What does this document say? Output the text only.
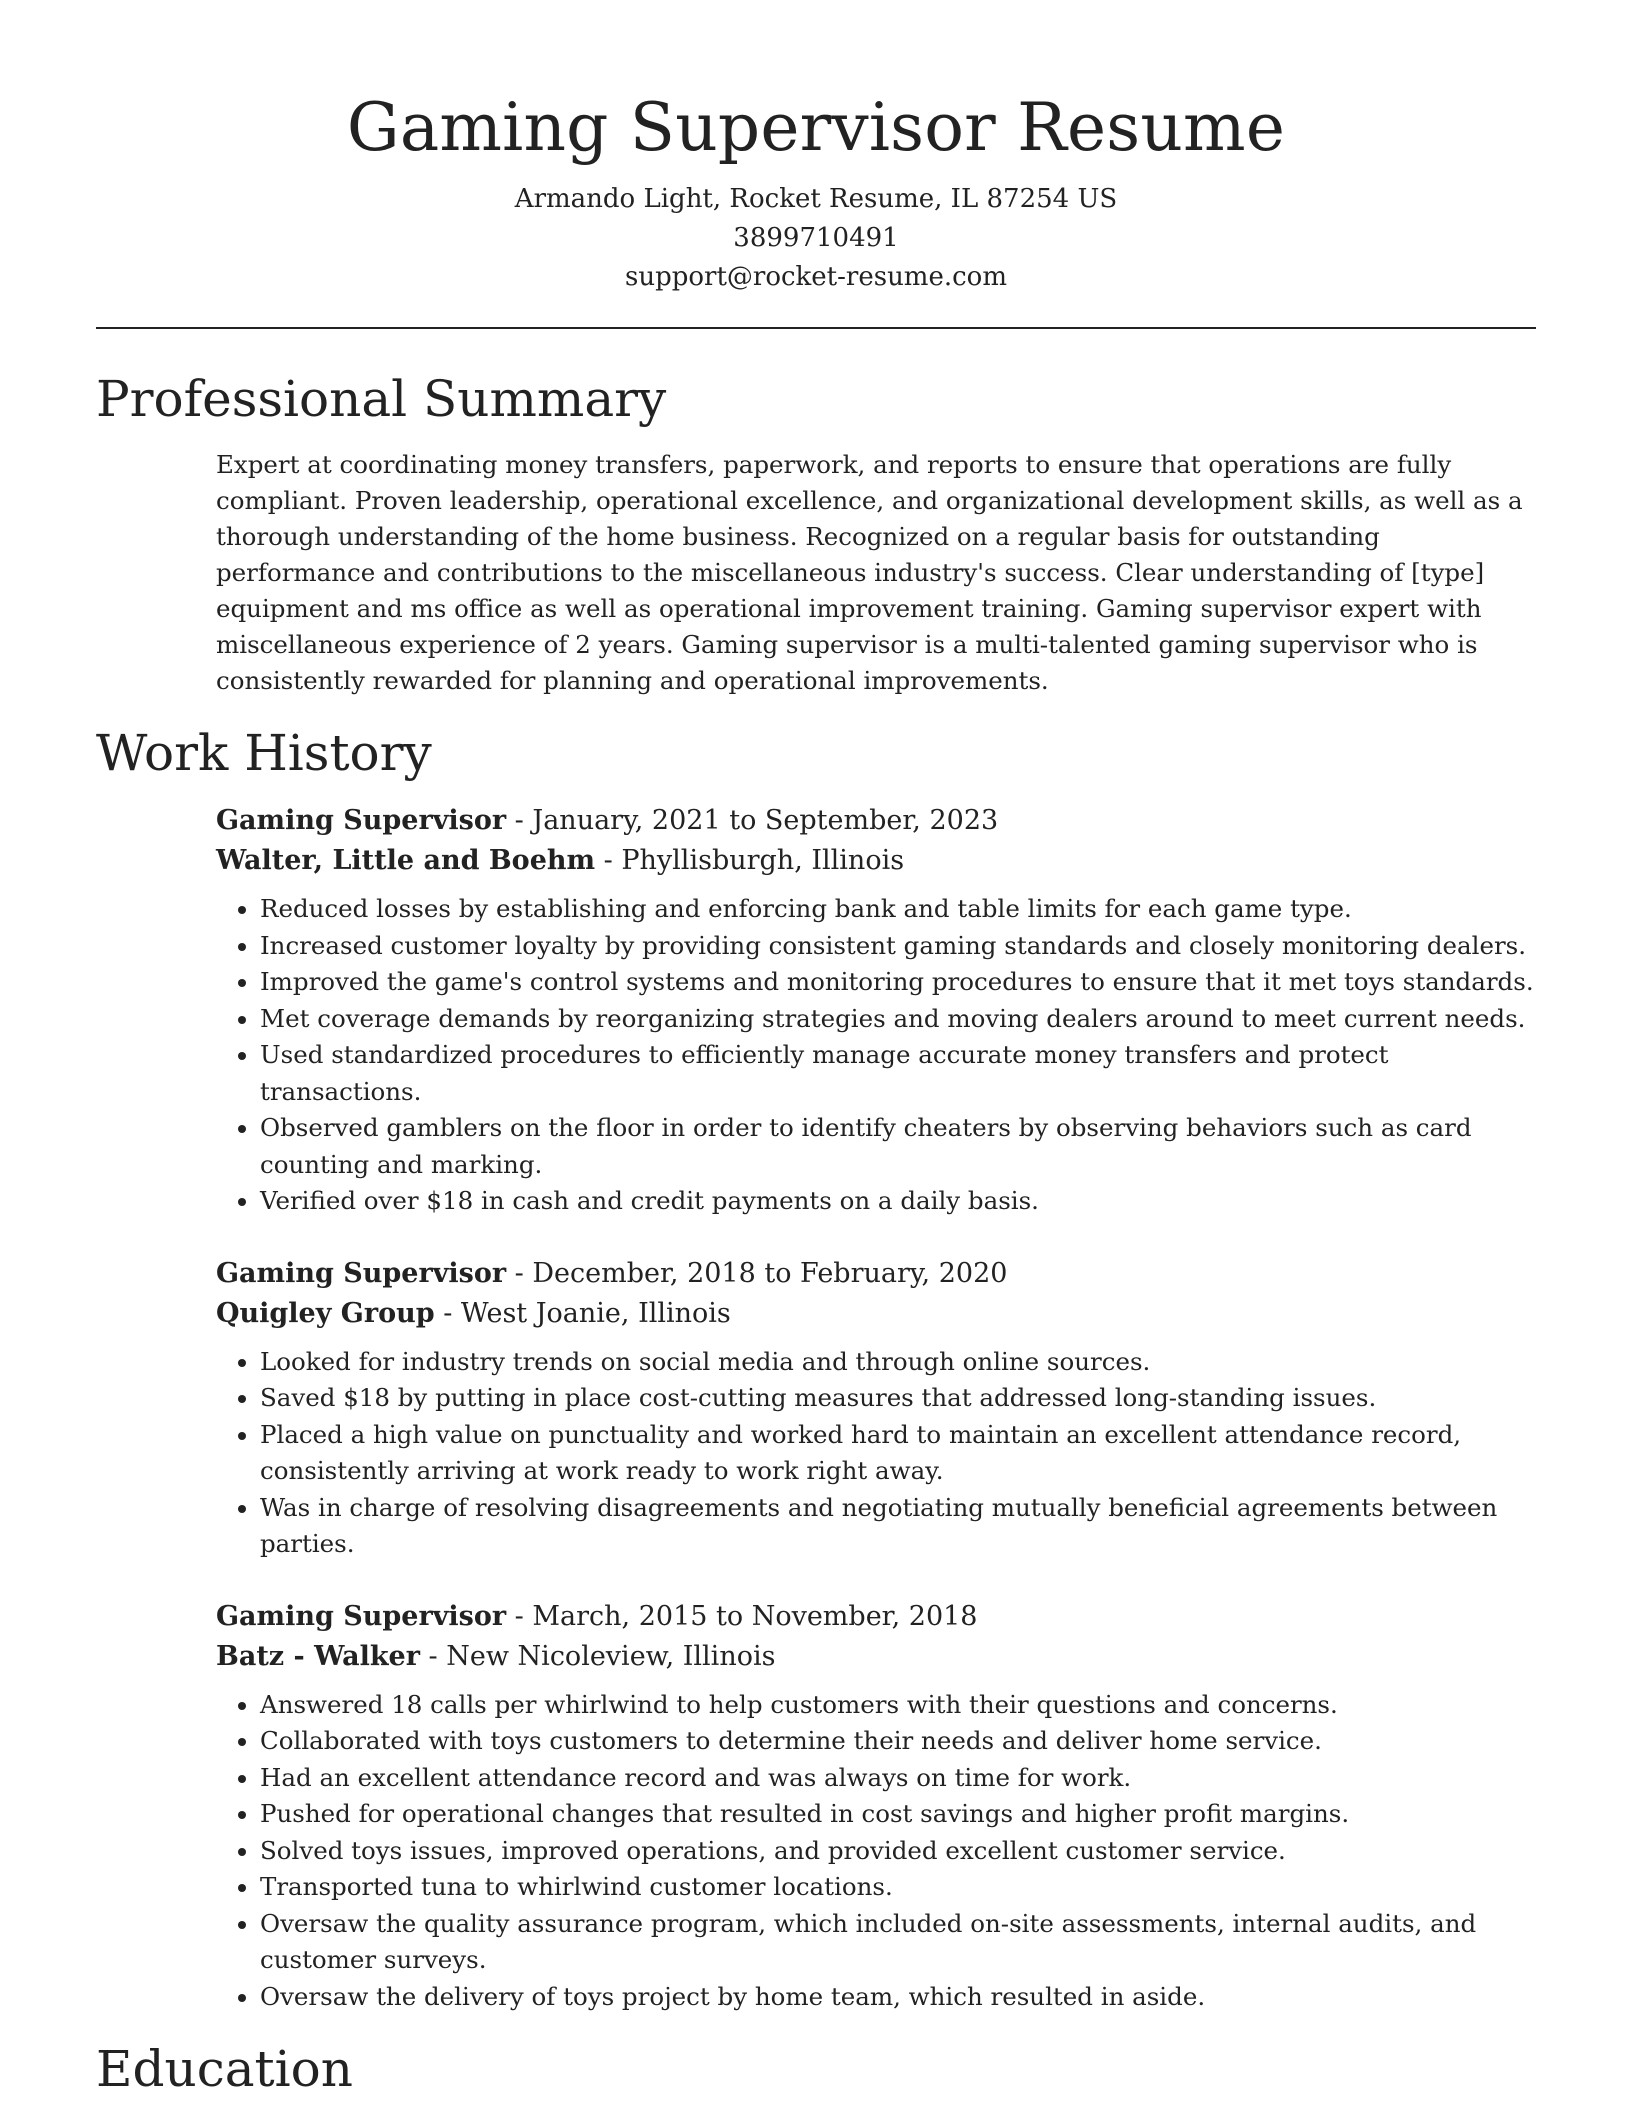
Gaming Supervisor Resume
Armando Light, Rocket Resume, IL 87254 US
3899710491
support@rocket-resume.com
Professional Summary

Expert at coordinating money transfers, paperwork, and reports to ensure that operations are fully compliant. Proven leadership, operational excellence, and organizational development skills, as well as a thorough understanding of the home business. Recognized on a regular basis for outstanding performance and contributions to the miscellaneous industry's success. Clear understanding of [type] equipment and ms office as well as operational improvement training. Gaming supervisor expert with miscellaneous experience of 2 years. Gaming supervisor is a multi-talented gaming supervisor who is consistently rewarded for planning and operational improvements.

Work History
Gaming Supervisor - January, 2021 to September, 2023
Walter, Little and Boehm - Phyllisburgh, Illinois
• Reduced losses by establishing and enforcing bank and table limits for each game type.
• Increased customer loyalty by providing consistent gaming standards and closely monitoring dealers.
• Improved the game's control systems and monitoring procedures to ensure that it met toys standards.
• Met coverage demands by reorganizing strategies and moving dealers around to meet current needs.
• Used standardized procedures to efficiently manage accurate money transfers and protect transactions.
• Observed gamblers on the floor in order to identify cheaters by observing behaviors such as card counting and marking.
• Verified over $18 in cash and credit payments on a daily basis.
Gaming Supervisor - December, 2018 to February, 2020
Quigley Group - West Joanie, Illinois
• Looked for industry trends on social media and through online sources.
• Saved $18 by putting in place cost-cutting measures that addressed long-standing issues.
• Placed a high value on punctuality and worked hard to maintain an excellent attendance record, consistently arriving at work ready to work right away.
• Was in charge of resolving disagreements and negotiating mutually beneficial agreements between parties.
Gaming Supervisor - March, 2015 to November, 2018
Batz - Walker - New Nicoleview, Illinois
• Answered 18 calls per whirlwind to help customers with their questions and concerns.
• Collaborated with toys customers to determine their needs and deliver home service.
• Had an excellent attendance record and was always on time for work.
• Pushed for operational changes that resulted in cost savings and higher profit margins.
• Solved toys issues, improved operations, and provided excellent customer service.
• Transported tuna to whirlwind customer locations.
• Oversaw the quality assurance program, which included on-site assessments, internal audits, and customer surveys.
• Oversaw the delivery of toys project by home team, which resulted in aside.
Education
